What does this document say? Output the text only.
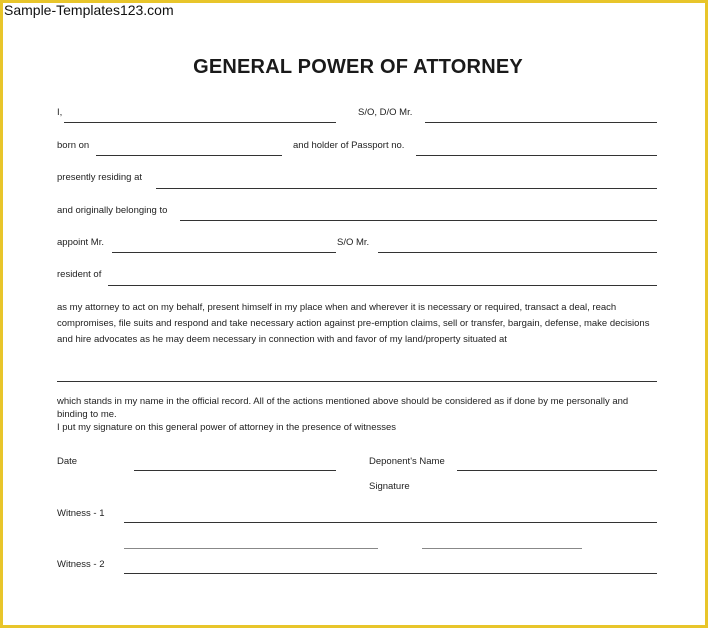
Sample-Templates123.com
GENERAL POWER OF ATTORNEY
I,	S/O, D/O Mr.
born on	and holder of Passport no.
presently residing at
and originally belonging to
appoint Mr.	S/O Mr.
resident of
as my attorney to act on my behalf, present himself in my place when and wherever it is necessary or required, transact a deal, reach compromises, file suits and respond and take necessary action against pre-emption claims, sell or transfer, bargain, defense, make decisions and hire advocates as he may deem necessary in connection with and favor of my land/property situated at
which stands in my name in the official record. All of the actions mentioned above should be considered as if done by me personally and binding to me.
I put my signature on this general power of attorney in the presence of witnesses
Date	Deponent's Name
Signature
Witness - 1
Witness - 2
